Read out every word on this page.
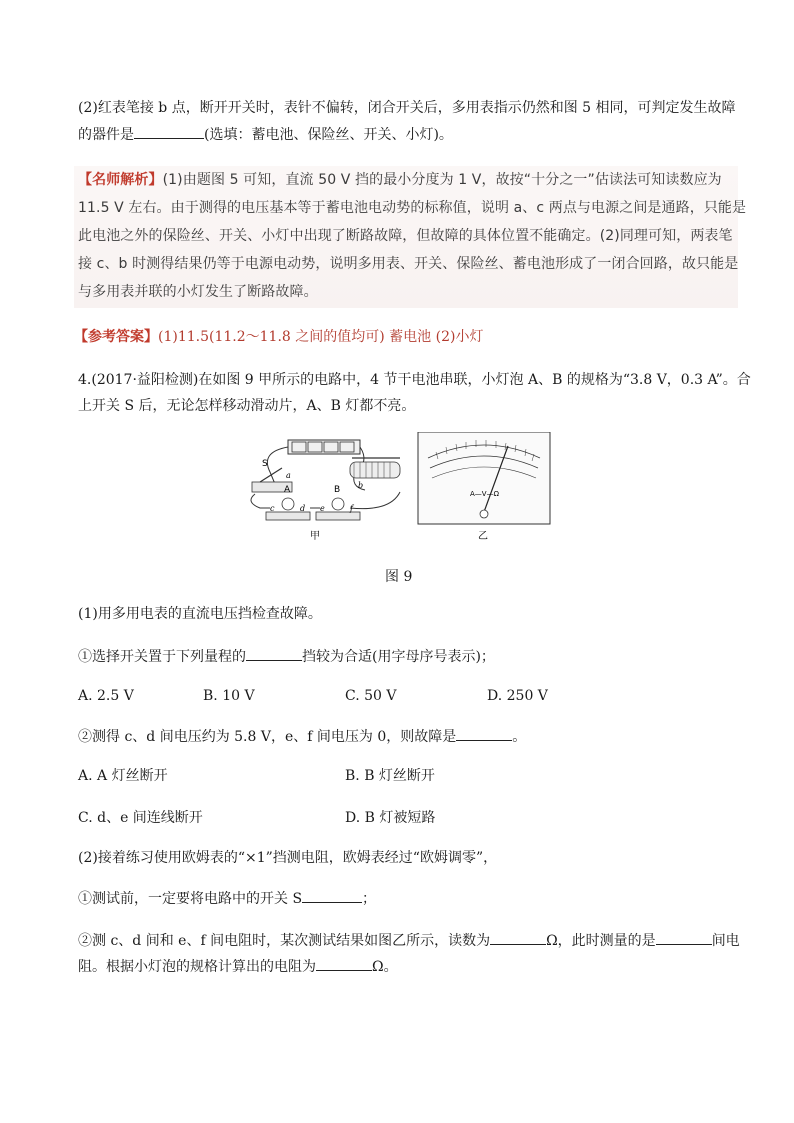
(2)红表笔接 b 点，断开开关时，表针不偏转，闭合开关后，多用表指示仍然和图 5 相同，可判定发生故障
的器件是	(选填：蓄电池、保险丝、开关、小灯)。
【名师解析】(1)由题图 5 可知，直流 50 V 挡的最小分度为 1 V，故按“十分之一”估读法可知读数应为
11.5 V 左右。由于测得的电压基本等于蓄电池电动势的标称值，说明 a、c 两点与电源之间是通路，只能是
此电池之外的保险丝、开关、小灯中出现了断路故障，但故障的具体位置不能确定。(2)同理可知，两表笔
接 c、b 时测得结果仍等于电源电动势，说明多用表、开关、保险丝、蓄电池形成了一闭合回路，故只能是
与多用表并联的小灯发生了断路故障。
【参考答案】(1)11.5(11.2～11.8 之间的值均可) 蓄电池 (2)小灯
4.(2017·益阳检测)在如图 9 甲所示的电路中，4 节干电池串联，小灯泡 A、B 的规格为“3.8 V，0.3 A”。合
上开关 S 后，无论怎样移动滑动片，A、B 灯都不亮。
S
a
A
c	d
B
e	f
b
甲
A—V—Ω
乙
图 9
(1)用多用电表的直流电压挡检查故障。
①选择开关置于下列量程的	挡较为合适(用字母序号表示)；
A. 2.5 V	B. 10 V	C. 50 V	D. 250 V
②测得 c、d 间电压约为 5.8 V，e、f 间电压为 0，则故障是	。
A. A 灯丝断开	B. B 灯丝断开
C. d、e 间连线断开	D. B 灯被短路
(2)接着练习使用欧姆表的“×1”挡测电阻，欧姆表经过“欧姆调零”，
①测试前，一定要将电路中的开关 S	；
②测 c、d 间和 e、f 间电阻时，某次测试结果如图乙所示，读数为	Ω，此时测量的是	间电
阻。根据小灯泡的规格计算出的电阻为	Ω。
